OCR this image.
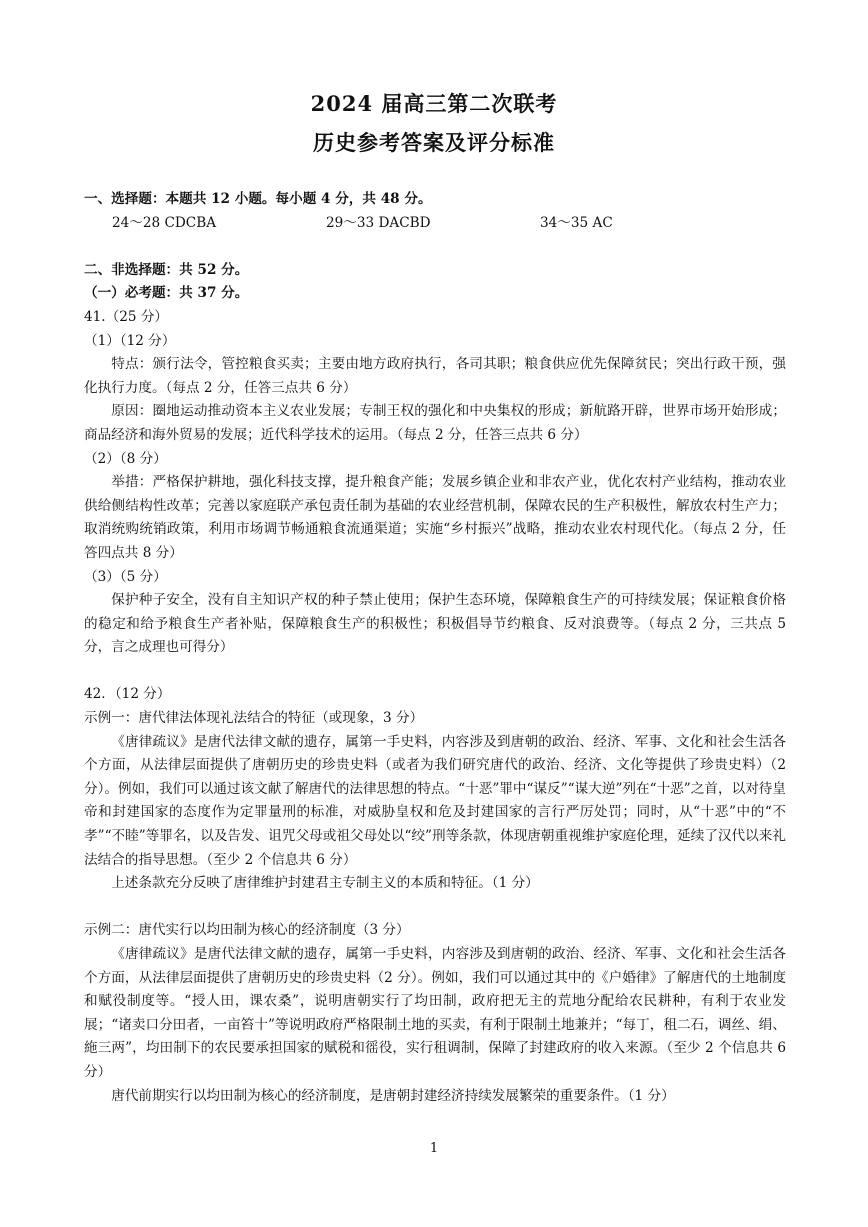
2024 届高三第二次联考
历史参考答案及评分标准

一、选择题：本题共 12 小题。每小题 4 分，共 48 分。

24～28 CDCBA	29～33 DACBD	34～35 AC

二、非选择题：共 52 分。

（一）必考题：共 37 分。

41.（25 分）

（1）（12 分）

特点：颁行法令，管控粮食买卖；主要由地方政府执行，各司其职；粮食供应优先保障贫民；突出行政干预，强化执行力度。（每点 2 分，任答三点共 6 分）

原因：圈地运动推动资本主义农业发展；专制王权的强化和中央集权的形成；新航路开辟，世界市场开始形成；商品经济和海外贸易的发展；近代科学技术的运用。（每点 2 分，任答三点共 6 分）

（2）（8 分）

举措：严格保护耕地，强化科技支撑，提升粮食产能；发展乡镇企业和非农产业，优化农村产业结构，推动农业供给侧结构性改革；完善以家庭联产承包责任制为基础的农业经营机制，保障农民的生产积极性，解放农村生产力；取消统购统销政策，利用市场调节畅通粮食流通渠道；实施“乡村振兴”战略，推动农业农村现代化。（每点 2 分，任答四点共 8 分）

（3）（5 分）

保护种子安全，没有自主知识产权的种子禁止使用；保护生态环境，保障粮食生产的可持续发展；保证粮食价格的稳定和给予粮食生产者补贴，保障粮食生产的积极性；积极倡导节约粮食、反对浪费等。（每点 2 分，三共点 5 分，言之成理也可得分）

42．（12 分）

示例一：唐代律法体现礼法结合的特征（或现象，3 分）

《唐律疏议》是唐代法律文献的遗存，属第一手史料，内容涉及到唐朝的政治、经济、军事、文化和社会生活各个方面，从法律层面提供了唐朝历史的珍贵史料（或者为我们研究唐代的政治、经济、文化等提供了珍贵史料）（2 分）。例如，我们可以通过该文献了解唐代的法律思想的特点。“十恶”罪中“谋反”“谋大逆”列在“十恶”之首，以对待皇帝和封建国家的态度作为定罪量刑的标准，对威胁皇权和危及封建国家的言行严厉处罚；同时，从“十恶”中的“不孝”“不睦”等罪名，以及告发、诅咒父母或祖父母处以“绞”刑等条款，体现唐朝重视维护家庭伦理，延续了汉代以来礼法结合的指导思想。（至少 2 个信息共 6 分）

上述条款充分反映了唐律维护封建君主专制主义的本质和特征。（1 分）

示例二：唐代实行以均田制为核心的经济制度（3 分）

《唐律疏议》是唐代法律文献的遗存，属第一手史料，内容涉及到唐朝的政治、经济、军事、文化和社会生活各个方面，从法律层面提供了唐朝历史的珍贵史料（2 分）。例如，我们可以通过其中的《户婚律》了解唐代的土地制度和赋役制度等。“授人田，课农桑”，说明唐朝实行了均田制，政府把无主的荒地分配给农民耕种，有利于农业发展；“诸卖口分田者，一亩笞十”等说明政府严格限制土地的买卖，有利于限制土地兼并；“每丁，租二石，调丝、绢、絁三两”，均田制下的农民要承担国家的赋税和徭役，实行租调制，保障了封建政府的收入来源。（至少 2 个信息共 6 分）

唐代前期实行以均田制为核心的经济制度，是唐朝封建经济持续发展繁荣的重要条件。（1 分）

1
